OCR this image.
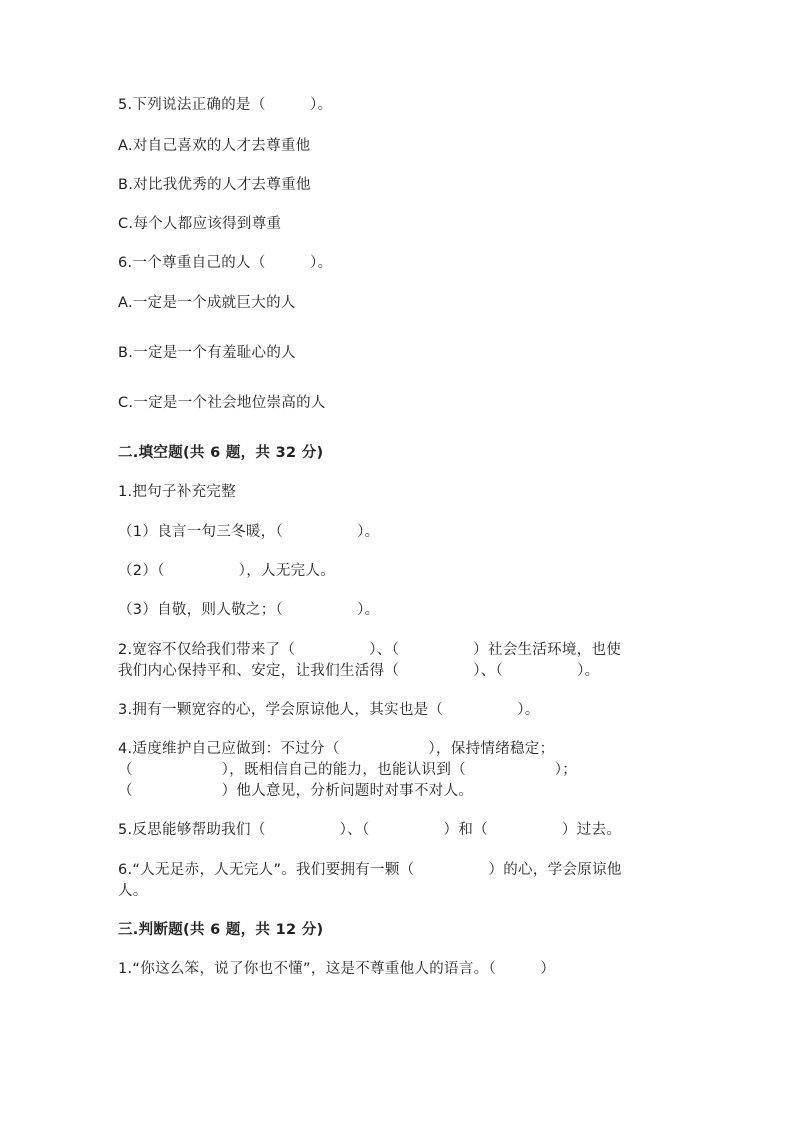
5.下列说法正确的是（　　　）。
A.对自己喜欢的人才去尊重他
B.对比我优秀的人才去尊重他
C.每个人都应该得到尊重
6.一个尊重自己的人（　　　）。
A.一定是一个成就巨大的人
B.一定是一个有羞耻心的人
C.一定是一个社会地位崇高的人
二.填空题(共 6 题，共 32 分)
1.把句子补充完整
（1）良言一句三冬暖，（　　　　　）。
（2）（　　　　　），人无完人。
（3）自敬，则人敬之；（　　　　　）。
2.宽容不仅给我们带来了（　　　　　）、（　　　　　）社会生活环境，也使
我们内心保持平和、安定，让我们生活得（　　　　　）、（　　　　　）。
3.拥有一颗宽容的心，学会原谅他人，其实也是（　　　　　）。
4.适度维护自己应做到：不过分（　　　　　　），保持情绪稳定；
（　　　　　　），既相信自己的能力，也能认识到（　　　　　　）；
（　　　　　　）他人意见，分析问题时对事不对人。
5.反思能够帮助我们（　　　　　）、（　　　　　）和（　　　　　）过去。
6.“人无足赤，人无完人”。我们要拥有一颗（　　　　　）的心，学会原谅他
人。
三.判断题(共 6 题，共 12 分)
1.“你这么笨，说了你也不懂”，这是不尊重他人的语言。（　　　）
